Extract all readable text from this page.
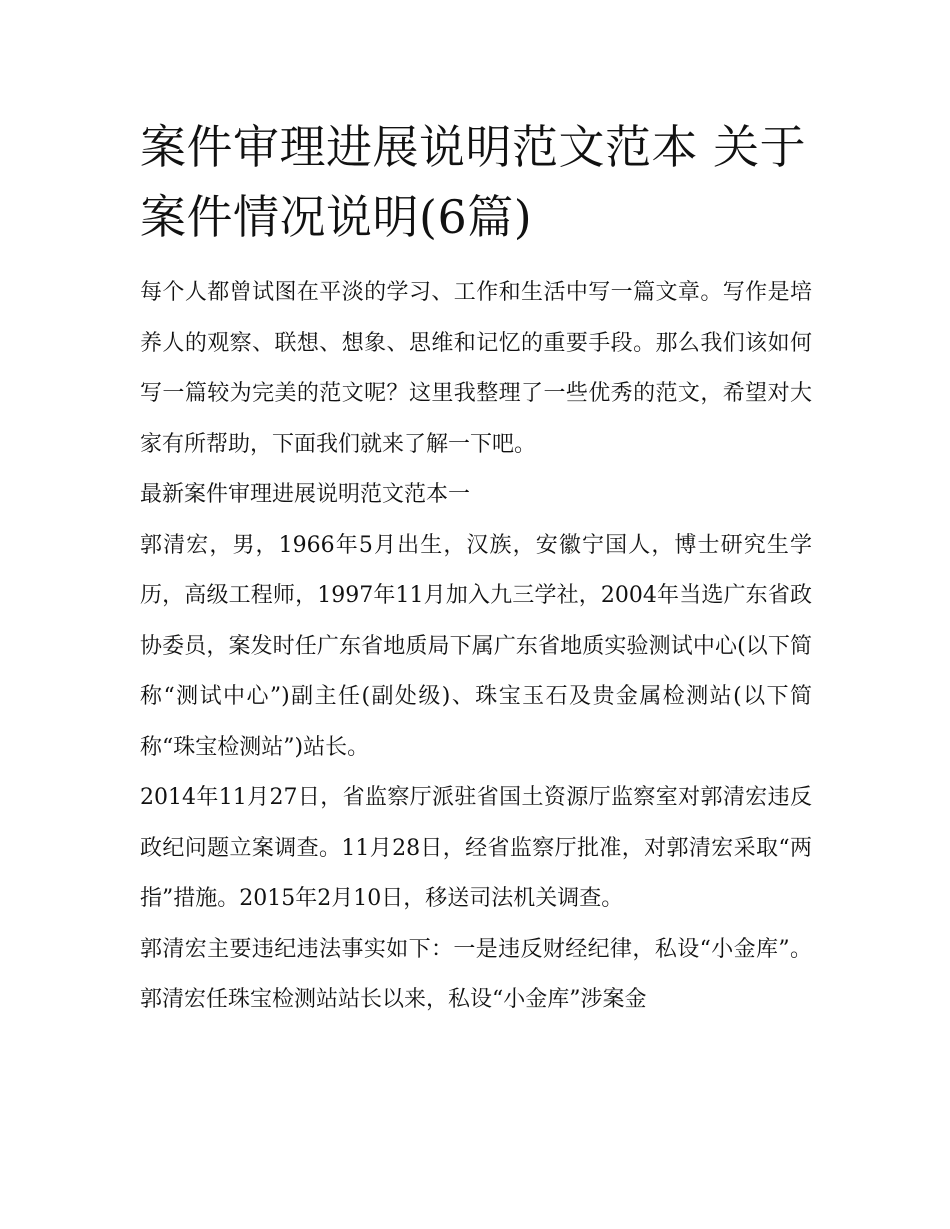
案件审理进展说明范文范本 关于案件情况说明(6篇)

每个人都曾试图在平淡的学习、工作和生活中写一篇文章。写作是培养人的观察、联想、想象、思维和记忆的重要手段。那么我们该如何写一篇较为完美的范文呢？这里我整理了一些优秀的范文，希望对大家有所帮助，下面我们就来了解一下吧。

最新案件审理进展说明范文范本一

郭清宏，男，1966年5月出生，汉族，安徽宁国人，博士研究生学历，高级工程师，1997年11月加入九三学社，2004年当选广东省政协委员，案发时任广东省地质局下属广东省地质实验测试中心(以下简称“测试中心”)副主任(副处级)、珠宝玉石及贵金属检测站(以下简称“珠宝检测站”)站长。

2014年11月27日，省监察厅派驻省国土资源厅监察室对郭清宏违反政纪问题立案调查。11月28日，经省监察厅批准，对郭清宏采取“两指”措施。2015年2月10日，移送司法机关调查。

郭清宏主要违纪违法事实如下：一是违反财经纪律，私设“小金库”。郭清宏任珠宝检测站站长以来，私设“小金库”涉案金
